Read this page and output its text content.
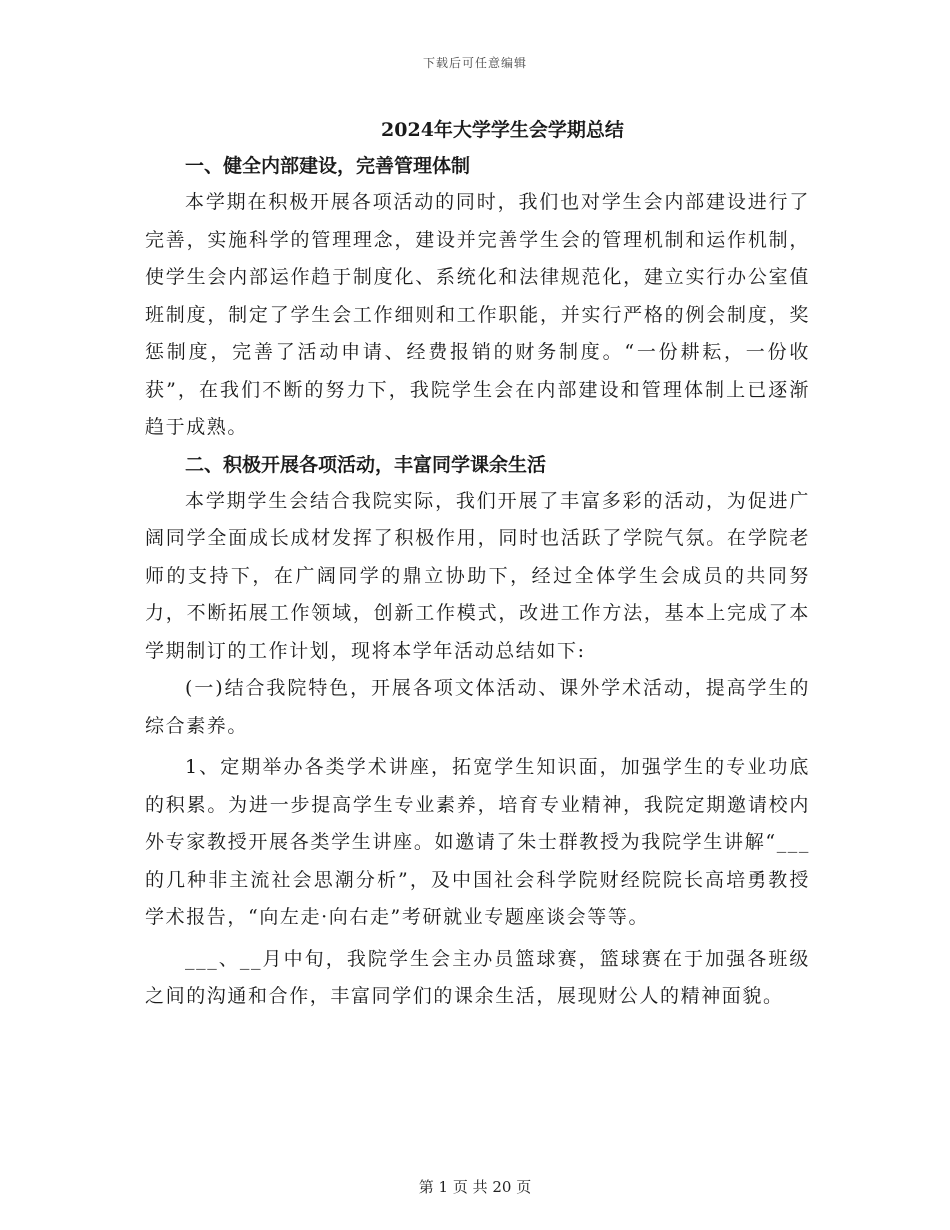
下载后可任意编辑
2024年大学学生会学期总结
一、健全内部建设，完善管理体制

本学期在积极开展各项活动的同时，我们也对学生会内部建设进行了完善，实施科学的管理理念，建设并完善学生会的管理机制和运作机制，使学生会内部运作趋于制度化、系统化和法律规范化，建立实行办公室值班制度，制定了学生会工作细则和工作职能，并实行严格的例会制度，奖惩制度，完善了活动申请、经费报销的财务制度。“一份耕耘，一份收获”，在我们不断的努力下，我院学生会在内部建设和管理体制上已逐渐趋于成熟。

二、积极开展各项活动，丰富同学课余生活

本学期学生会结合我院实际，我们开展了丰富多彩的活动，为促进广阔同学全面成长成材发挥了积极作用，同时也活跃了学院气氛。在学院老师的支持下，在广阔同学的鼎立协助下，经过全体学生会成员的共同努力，不断拓展工作领域，创新工作模式，改进工作方法，基本上完成了本学期制订的工作计划，现将本学年活动总结如下:

(一)结合我院特色，开展各项文体活动、课外学术活动，提高学生的综合素养。

1、定期举办各类学术讲座，拓宽学生知识面，加强学生的专业功底的积累。为进一步提高学生专业素养，培育专业精神，我院定期邀请校内外专家教授开展各类学生讲座。如邀请了朱士群教授为我院学生讲解“___的几种非主流社会思潮分析”，及中国社会科学院财经院院长高培勇教授学术报告，“向左走·向右走”考研就业专题座谈会等等。

___、__月中旬，我院学生会主办员篮球赛，篮球赛在于加强各班级之间的沟通和合作，丰富同学们的课余生活，展现财公人的精神面貌。

第 1 页 共 20 页
